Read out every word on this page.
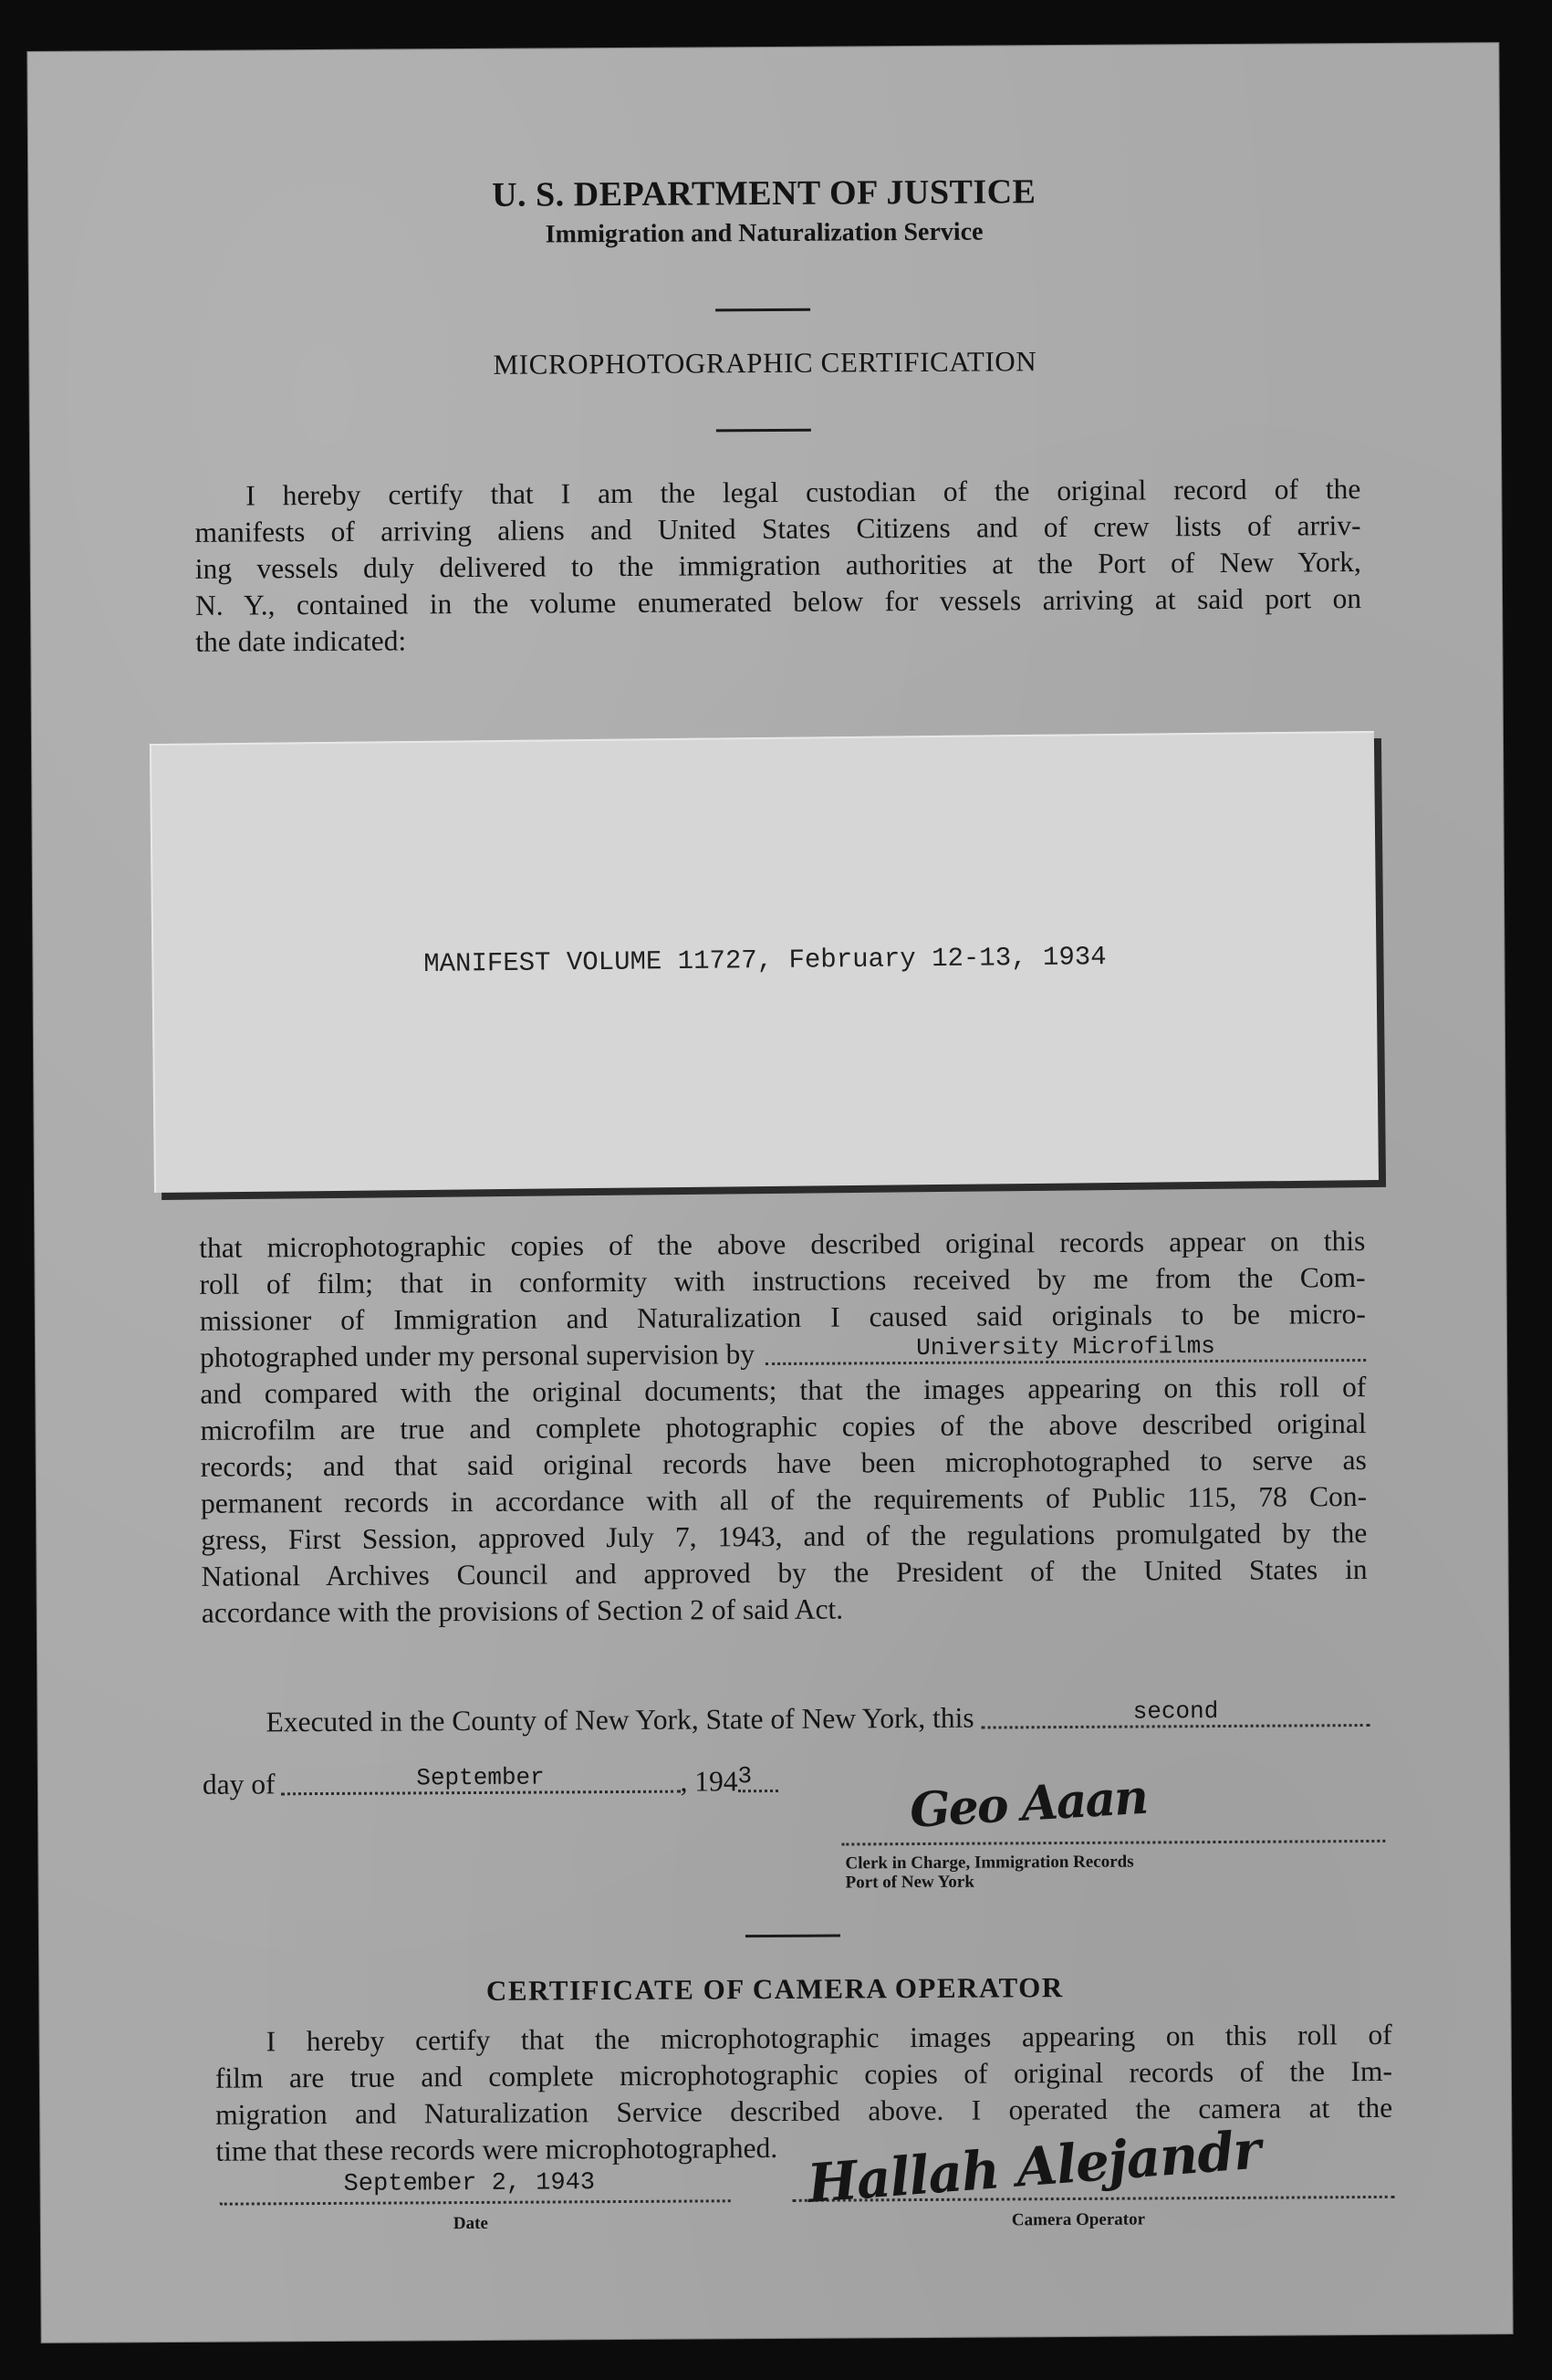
U. S. DEPARTMENT OF JUSTICE
Immigration and Naturalization Service
MICROPHOTOGRAPHIC CERTIFICATION
I hereby certify that I am the legal custodian of the original record of the
manifests of arriving aliens and United States Citizens and of crew lists of arriv-
ing vessels duly delivered to the immigration authorities at the Port of New York,
N. Y., contained in the volume enumerated below for vessels arriving at said port on
the date indicated:
MANIFEST VOLUME 11727, February 12-13, 1934
that microphotographic copies of the above described original records appear on this
roll of film; that in conformity with instructions received by me from the Com-
missioner of Immigration and Naturalization I caused said originals to be micro-
photographed under my personal supervision by	University Microfilms
and compared with the original documents; that the images appearing on this roll of
microfilm are true and complete photographic copies of the above described original
records; and that said original records have been microphotographed to serve as
permanent records in accordance with all of the requirements of Public 115, 78 Con-
gress, First Session, approved July 7, 1943, and of the regulations promulgated by the
National Archives Council and approved by the President of the United States in
accordance with the provisions of Section 2 of said Act.
Executed in the County of New York, State of New York, this	second
day of	September	, 194 3	Geo Aaan
Clerk in Charge, Immigration Records
Port of New York
CERTIFICATE OF CAMERA OPERATOR
I hereby certify that the microphotographic images appearing on this roll of
film are true and complete microphotographic copies of original records of the Im-
migration and Naturalization Service described above. I operated the camera at the
time that these records were microphotographed.
September 2, 1943
Date
Hallah Alejandr
Camera Operator
